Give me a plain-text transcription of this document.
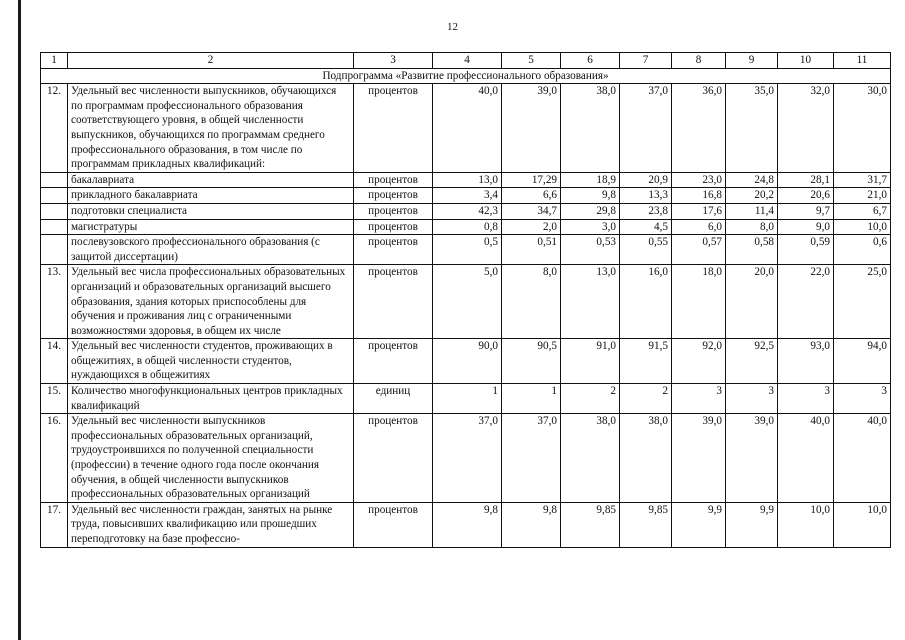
12
1	2	3	4	5	6	7	8	9	10	11
Подпрограмма «Развитие профессионального образования»										
12.	Удельный вес численности выпускников, обучающихся по программам профессионального образования соответствующего уровня, в общей численности выпускников, обучающихся по программам среднего профессионального образования, в том числе по программам прикладных квалификаций:	процентов	40,0	39,0	38,0	37,0	36,0	35,0	32,0	30,0
	бакалавриата	процентов	13,0	17,29	18,9	20,9	23,0	24,8	28,1	31,7
	прикладного бакалавриата	процентов	3,4	6,6	9,8	13,3	16,8	20,2	20,6	21,0
	подготовки специалиста	процентов	42,3	34,7	29,8	23,8	17,6	11,4	9,7	6,7
	магистратуры	процентов	0,8	2,0	3,0	4,5	6,0	8,0	9,0	10,0
	послевузовского профессионального образования (с защитой диссертации)	процентов	0,5	0,51	0,53	0,55	0,57	0,58	0,59	0,6
13.	Удельный вес числа профессиональных образовательных организаций и образовательных организаций высшего образования, здания которых приспособлены для обучения и проживания лиц с ограниченными возможностями здоровья, в общем их числе	процентов	5,0	8,0	13,0	16,0	18,0	20,0	22,0	25,0
14.	Удельный вес численности студентов, проживающих в общежитиях, в общей численности студентов, нуждающихся в общежитиях	процентов	90,0	90,5	91,0	91,5	92,0	92,5	93,0	94,0
15.	Количество многофункциональных центров прикладных квалификаций	единиц	1	1	2	2	3	3	3	3
16.	Удельный вес численности выпускников профессиональных образовательных организаций, трудоустроившихся по полученной специальности (профессии) в течение одного года после окончания обучения, в общей численности выпускников профессиональных образовательных организаций	процентов	37,0	37,0	38,0	38,0	39,0	39,0	40,0	40,0
17.	Удельный вес численности граждан, занятых на рынке труда, повысивших квалификацию или прошедших переподготовку на базе профессио-	процентов	9,8	9,8	9,85	9,85	9,9	9,9	10,0	10,0
